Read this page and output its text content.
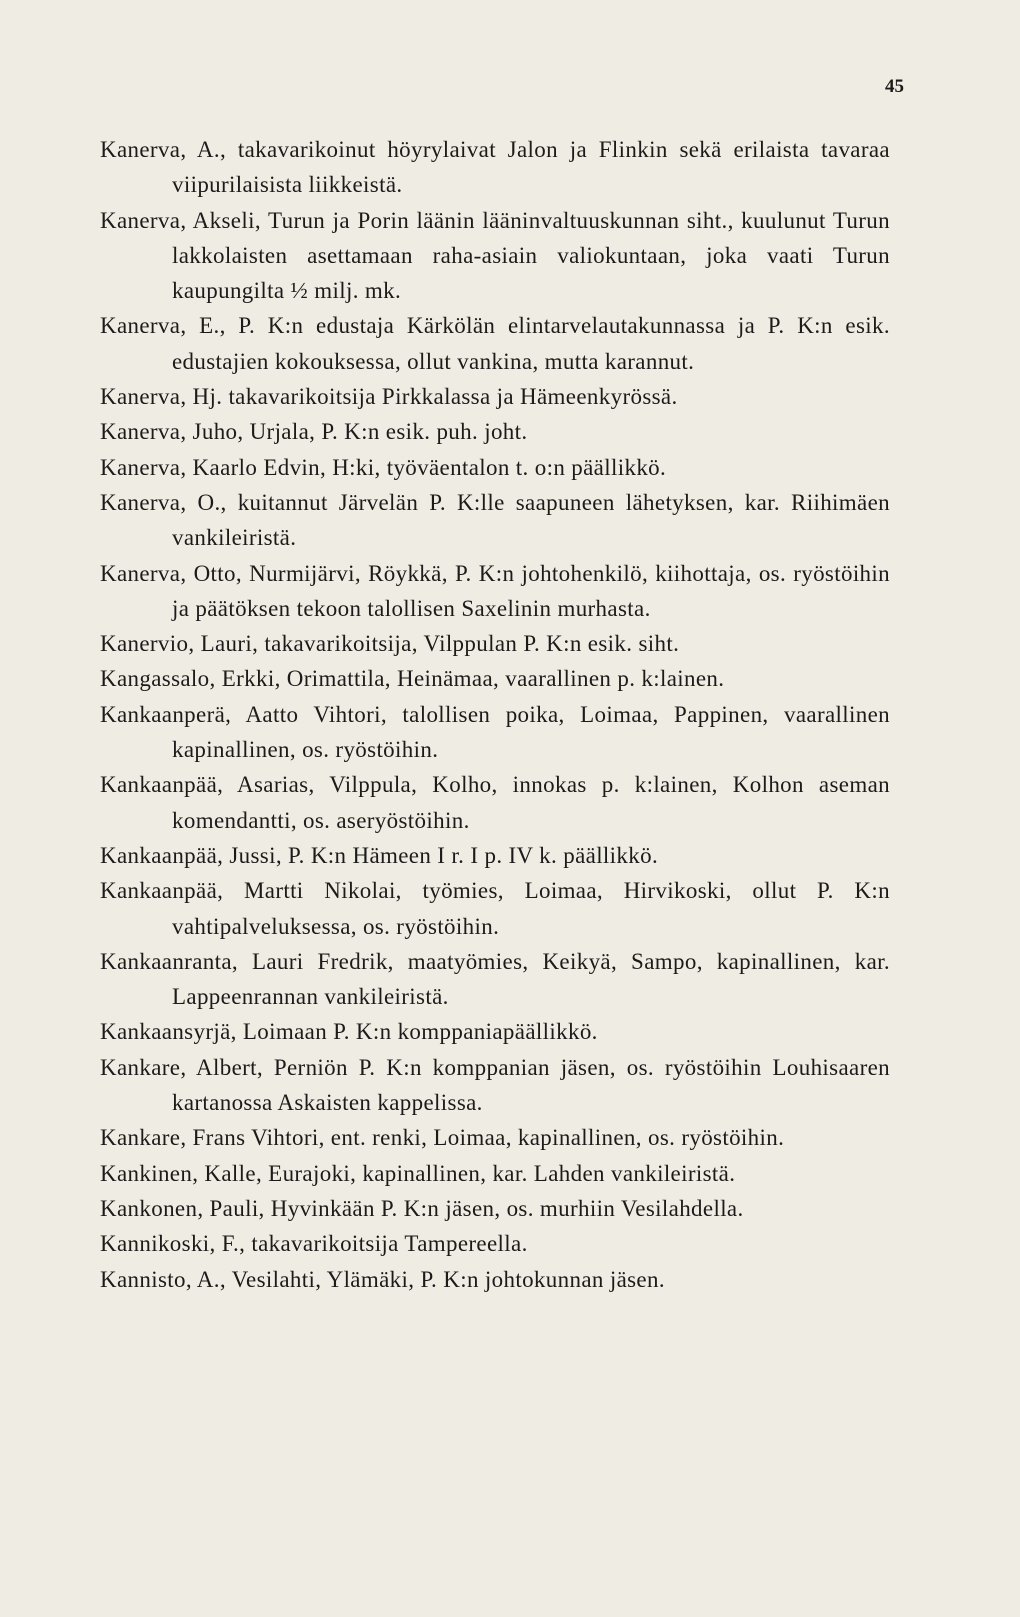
45

Kanerva, A., takavarikoinut höyrylaivat Jalon ja Flinkin sekä erilaista tavaraa viipurilaisista liikkeistä.

Kanerva, Akseli, Turun ja Porin läänin lääninvaltuuskunnan siht., kuulunut Turun lakkolaisten asettamaan raha-asiain valiokuntaan, joka vaati Turun kaupungilta ½ milj. mk.

Kanerva, E., P. K:n edustaja Kärkölän elintarvelautakunnassa ja P. K:n esik. edustajien kokouksessa, ollut vankina, mutta karannut.

Kanerva, Hj. takavarikoitsija Pirkkalassa ja Hämeenkyrössä.

Kanerva, Juho, Urjala, P. K:n esik. puh. joht.

Kanerva, Kaarlo Edvin, H:ki, työväentalon t. o:n päällikkö.

Kanerva, O., kuitannut Järvelän P. K:lle saapuneen lähetyksen, kar. Riihimäen vankileiristä.

Kanerva, Otto, Nurmijärvi, Röykkä, P. K:n johtohenkilö, kiihottaja, os. ryöstöihin ja päätöksen tekoon talollisen Saxelinin murhasta.

Kanervio, Lauri, takavarikoitsija, Vilppulan P. K:n esik. siht.

Kangassalo, Erkki, Orimattila, Heinämaa, vaarallinen p. k:lainen.

Kankaanperä, Aatto Vihtori, talollisen poika, Loimaa, Pappinen, vaarallinen kapinallinen, os. ryöstöihin.

Kankaanpää, Asarias, Vilppula, Kolho, innokas p. k:lainen, Kolhon aseman komendantti, os. aseryöstöihin.

Kankaanpää, Jussi, P. K:n Hämeen I r. I p. IV k. päällikkö.

Kankaanpää, Martti Nikolai, työmies, Loimaa, Hirvikoski, ollut P. K:n vahtipalveluksessa, os. ryöstöihin.

Kankaanranta, Lauri Fredrik, maatyömies, Keikyä, Sampo, kapinallinen, kar. Lappeenrannan vankileiristä.

Kankaansyrjä, Loimaan P. K:n komppaniapäällikkö.

Kankare, Albert, Perniön P. K:n komppanian jäsen, os. ryöstöihin Louhisaaren kartanossa Askaisten kappelissa.

Kankare, Frans Vihtori, ent. renki, Loimaa, kapinallinen, os. ryöstöihin.

Kankinen, Kalle, Eurajoki, kapinallinen, kar. Lahden vankileiristä.

Kankonen, Pauli, Hyvinkään P. K:n jäsen, os. murhiin Vesilahdella.

Kannikoski, F., takavarikoitsija Tampereella.

Kannisto, A., Vesilahti, Ylämäki, P. K:n johtokunnan jäsen.
